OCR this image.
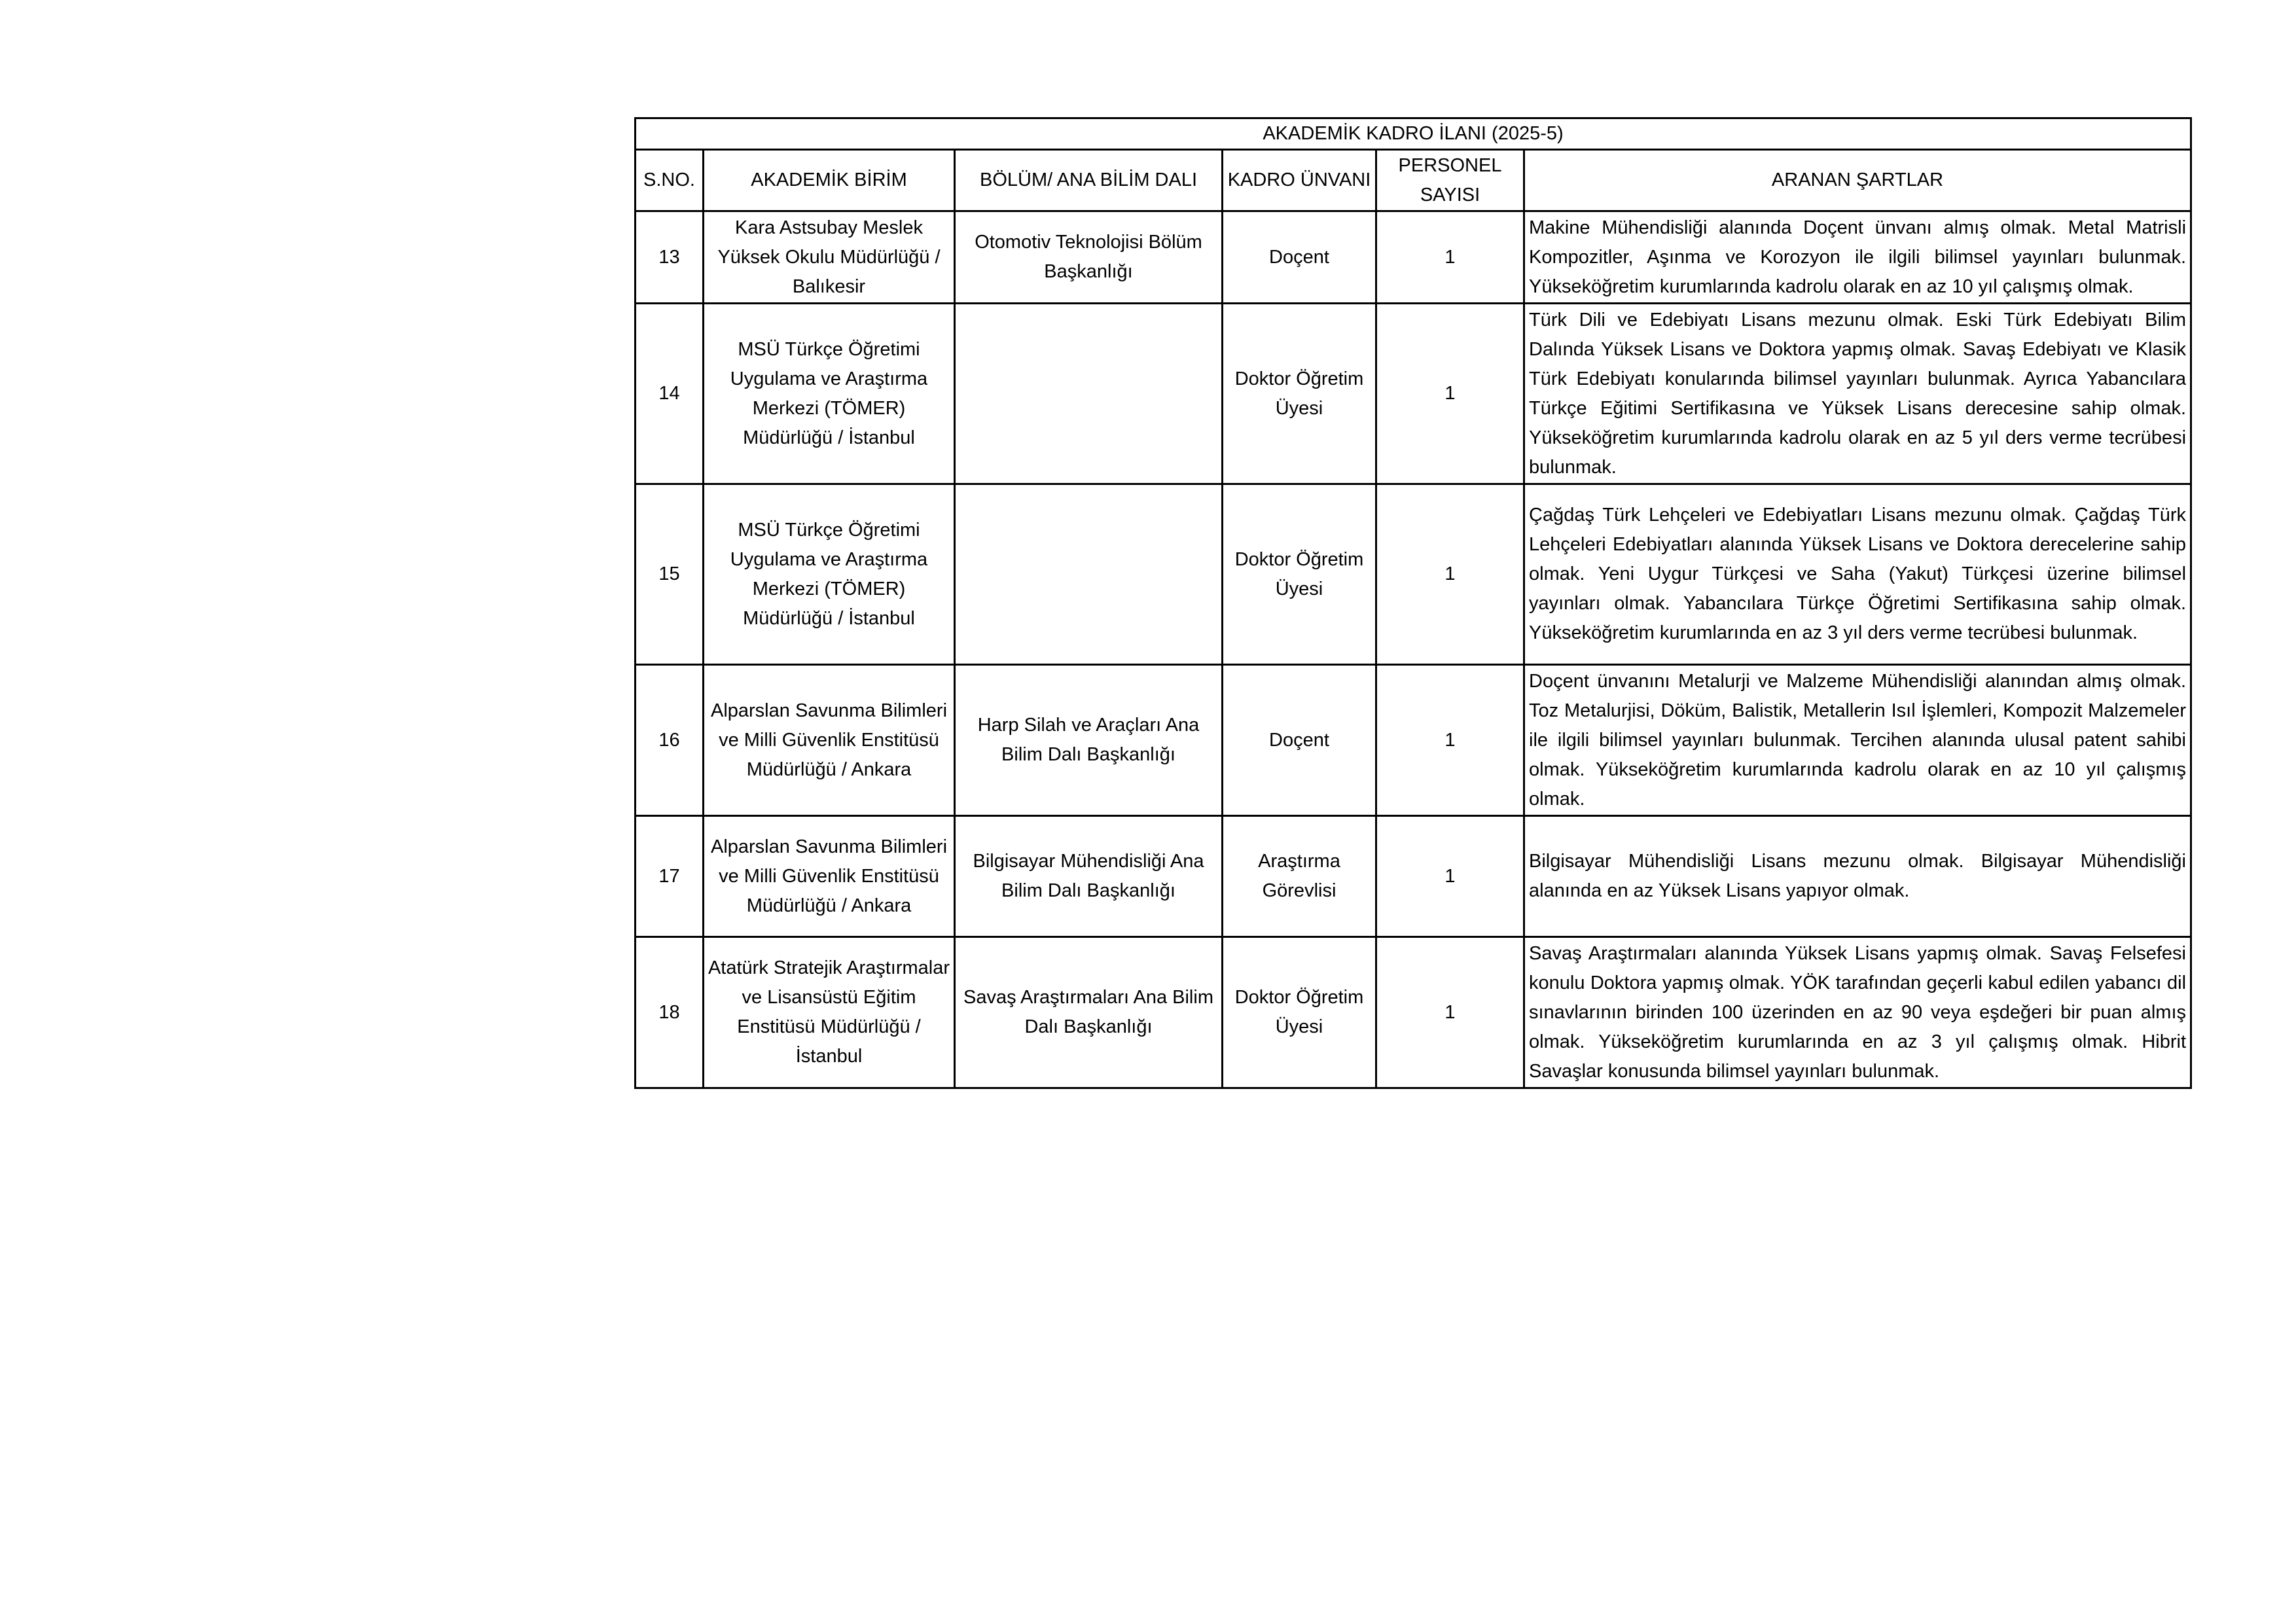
AKADEMİK KADRO İLANI (2025-5)					
S.NO.	AKADEMİK BİRİM	BÖLÜM/ ANA BİLİM DALI	KADRO ÜNVANI	PERSONEL SAYISI	ARANAN ŞARTLAR
13	Kara Astsubay Meslek Yüksek Okulu Müdürlüğü / Balıkesir	Otomotiv Teknolojisi Bölüm Başkanlığı	Doçent	1	Makine Mühendisliği alanında Doçent ünvanı almış olmak. Metal Matrisli Kompozitler, Aşınma ve Korozyon ile ilgili bilimsel yayınları bulunmak. Yükseköğretim kurumlarında kadrolu olarak en az 10 yıl çalışmış olmak.
14	MSÜ Türkçe Öğretimi Uygulama ve Araştırma Merkezi (TÖMER) Müdürlüğü / İstanbul		Doktor Öğretim Üyesi	1	Türk Dili ve Edebiyatı Lisans mezunu olmak. Eski Türk Edebiyatı Bilim Dalında Yüksek Lisans ve Doktora yapmış olmak. Savaş Edebiyatı ve Klasik Türk Edebiyatı konularında bilimsel yayınları bulunmak. Ayrıca Yabancılara Türkçe Eğitimi Sertifikasına ve Yüksek Lisans derecesine sahip olmak. Yükseköğretim kurumlarında kadrolu olarak en az 5 yıl ders verme tecrübesi bulunmak.
15	MSÜ Türkçe Öğretimi Uygulama ve Araştırma Merkezi (TÖMER) Müdürlüğü / İstanbul		Doktor Öğretim Üyesi	1	Çağdaş Türk Lehçeleri ve Edebiyatları Lisans mezunu olmak. Çağdaş Türk Lehçeleri Edebiyatları alanında Yüksek Lisans ve Doktora derecelerine sahip olmak. Yeni Uygur Türkçesi ve Saha (Yakut) Türkçesi üzerine bilimsel yayınları olmak. Yabancılara Türkçe Öğretimi Sertifikasına sahip olmak. Yükseköğretim kurumlarında en az 3 yıl ders verme tecrübesi bulunmak.
16	Alparslan Savunma Bilimleri ve Milli Güvenlik Enstitüsü Müdürlüğü / Ankara	Harp Silah ve Araçları Ana Bilim Dalı Başkanlığı	Doçent	1	Doçent ünvanını Metalurji ve Malzeme Mühendisliği alanından almış olmak. Toz Metalurjisi, Döküm, Balistik, Metallerin Isıl İşlemleri, Kompozit Malzemeler ile ilgili bilimsel yayınları bulunmak. Tercihen alanında ulusal patent sahibi olmak. Yükseköğretim kurumlarında kadrolu olarak en az 10 yıl çalışmış olmak.
17	Alparslan Savunma Bilimleri ve Milli Güvenlik Enstitüsü Müdürlüğü / Ankara	Bilgisayar Mühendisliği Ana Bilim Dalı Başkanlığı	Araştırma Görevlisi	1	Bilgisayar Mühendisliği Lisans mezunu olmak. Bilgisayar Mühendisliği alanında en az Yüksek Lisans yapıyor olmak.
18	Atatürk Stratejik Araştırmalar ve Lisansüstü Eğitim Enstitüsü Müdürlüğü / İstanbul	Savaş Araştırmaları Ana Bilim Dalı Başkanlığı	Doktor Öğretim Üyesi	1	Savaş Araştırmaları alanında Yüksek Lisans yapmış olmak. Savaş Felsefesi konulu Doktora yapmış olmak. YÖK tarafından geçerli kabul edilen yabancı dil sınavlarının birinden 100 üzerinden en az 90 veya eşdeğeri bir puan almış olmak. Yükseköğretim kurumlarında en az 3 yıl çalışmış olmak. Hibrit Savaşlar konusunda bilimsel yayınları bulunmak.
